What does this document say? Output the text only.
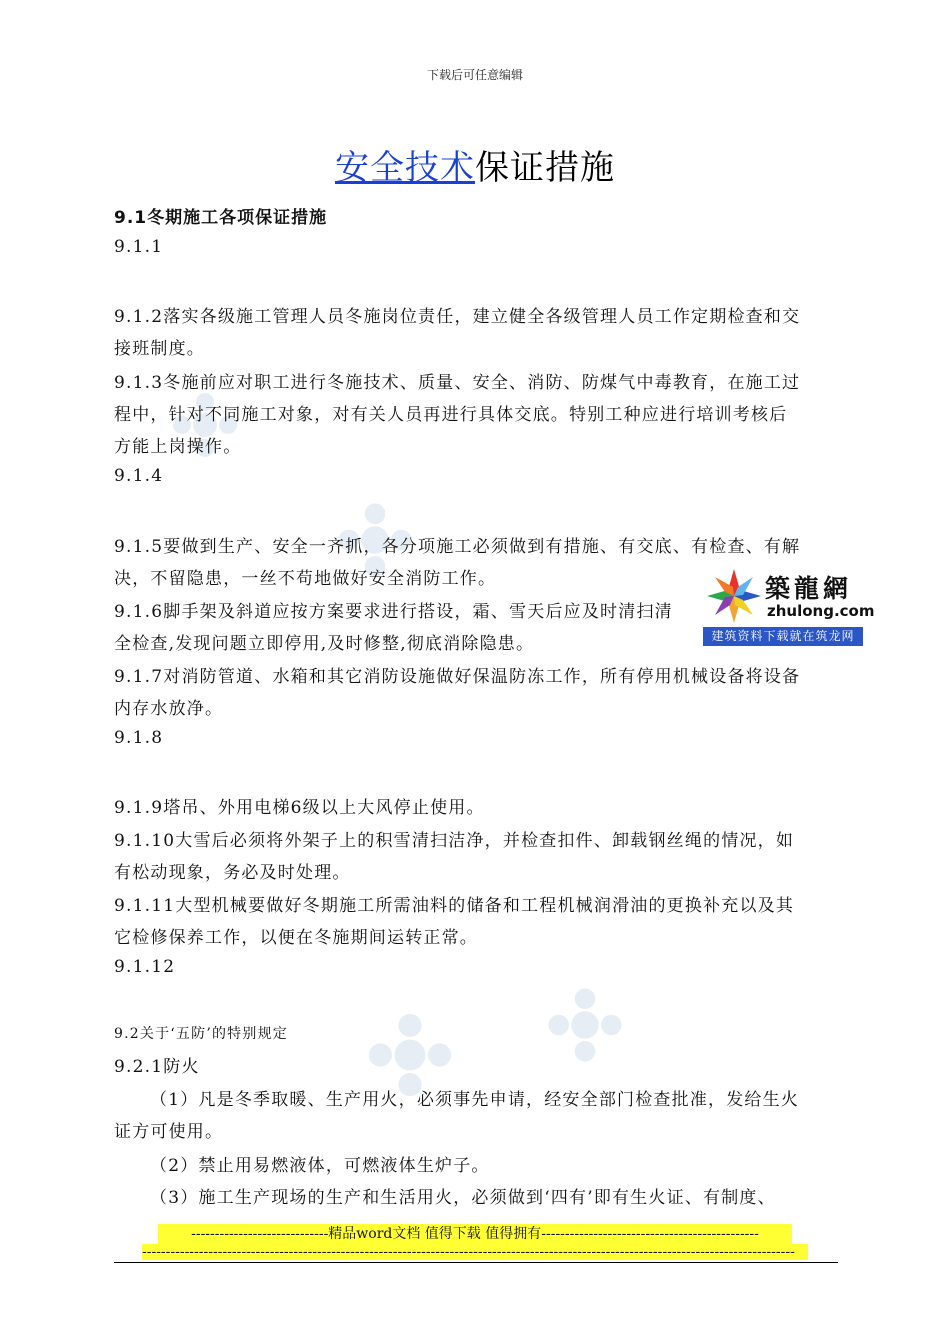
下载后可任意编辑
安全技术保证措施
9.1冬期施工各项保证措施
9.1.1
9.1.2落实各级施工管理人员冬施岗位责任，建立健全各级管理人员工作定期检查和交
接班制度。
9.1.3冬施前应对职工进行冬施技术、质量、安全、消防、防煤气中毒教育，在施工过
程中，针对不同施工对象，对有关人员再进行具体交底。特别工种应进行培训考核后
方能上岗操作。
9.1.4
9.1.5要做到生产、安全一齐抓，各分项施工必须做到有措施、有交底、有检查、有解
决，不留隐患，一丝不苟地做好安全消防工作。
9.1.6脚手架及斜道应按方案要求进行搭设，霜、雪天后应及时清扫清
全检查,发现问题立即停用,及时修整,彻底消除隐患。
9.1.7对消防管道、水箱和其它消防设施做好保温防冻工作，所有停用机械设备将设备
内存水放净。
9.1.8
9.1.9塔吊、外用电梯6级以上大风停止使用。
9.1.10大雪后必须将外架子上的积雪清扫洁净，并检查扣件、卸载钢丝绳的情况，如
有松动现象，务必及时处理。
9.1.11大型机械要做好冬期施工所需油料的储备和工程机械润滑油的更换补充以及其
它检修保养工作，以便在冬施期间运转正常。
9.1.12
9.2关于‘五防’的特别规定
9.2.1防火
（1）凡是冬季取暖、生产用火，必须事先申请，经安全部门检查批准，发给生火
证方可使用。
（2）禁止用易燃液体，可燃液体生炉子。
（3）施工生产现场的生产和生活用火，必须做到‘四有’即有生火证、有制度、
築龍網
zhulong.com
建筑资料下载就在筑龙网
-----------------------------精品word文档 值得下载 值得拥有----------------------------------------------
------------------------------------------------------------------------------------------------------------------------------------------
